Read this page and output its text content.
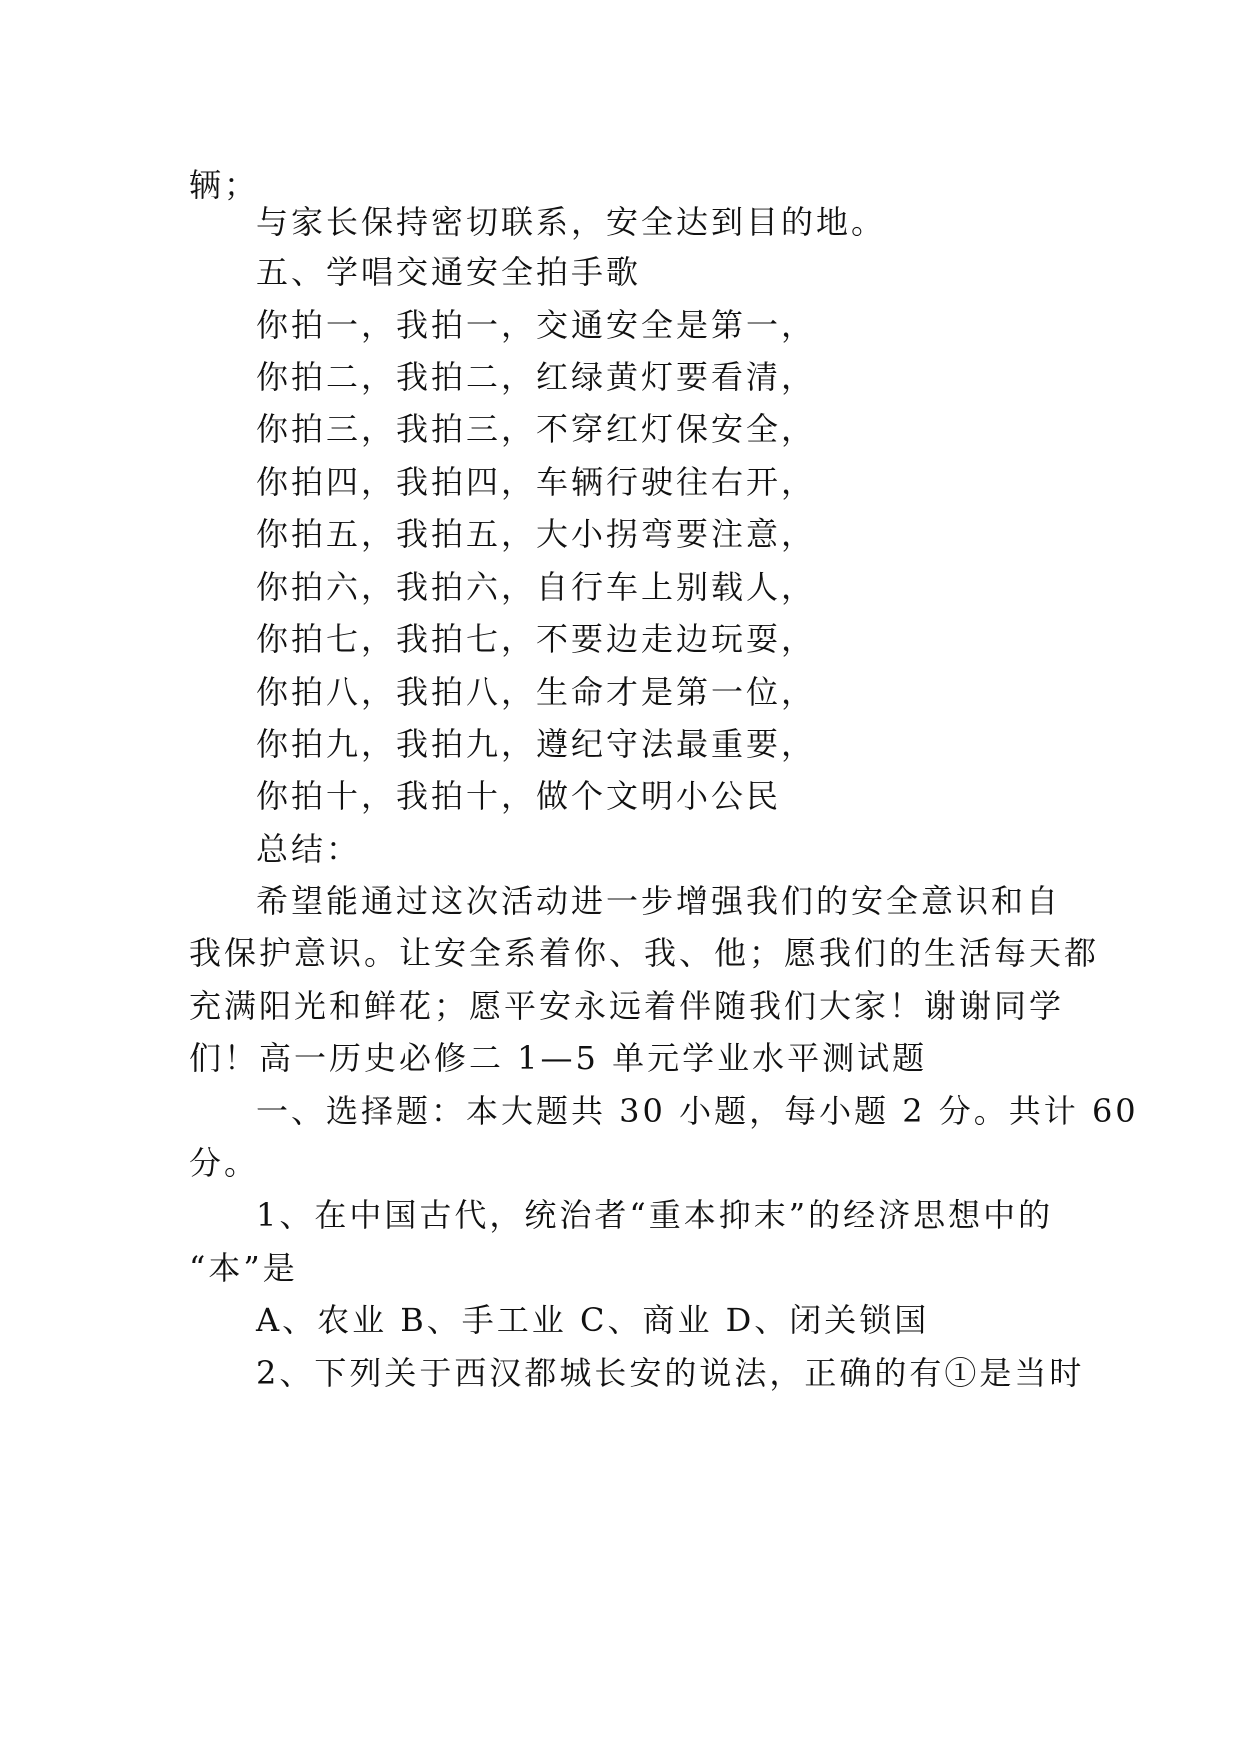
辆；
与家长保持密切联系，安全达到目的地。
五、学唱交通安全拍手歌
你拍一，我拍一，交通安全是第一，
你拍二，我拍二，红绿黄灯要看清，
你拍三，我拍三，不穿红灯保安全，
你拍四，我拍四，车辆行驶往右开，
你拍五，我拍五，大小拐弯要注意，
你拍六，我拍六，自行车上别载人，
你拍七，我拍七，不要边走边玩耍，
你拍八，我拍八，生命才是第一位，
你拍九，我拍九，遵纪守法最重要，
你拍十，我拍十，做个文明小公民
总结：
希望能通过这次活动进一步增强我们的安全意识和自
我保护意识。让安全系着你、我、他；愿我们的生活每天都
充满阳光和鲜花；愿平安永远着伴随我们大家！谢谢同学
们！高一历史必修二 1—5 单元学业水平测试题
一、选择题：本大题共 30 小题，每小题 2 分。共计 60
分。
1、在中国古代，统治者“重本抑末”的经济思想中的
“本”是
A、农业 B、手工业 C、商业 D、闭关锁国
2、下列关于西汉都城长安的说法，正确的有①是当时
